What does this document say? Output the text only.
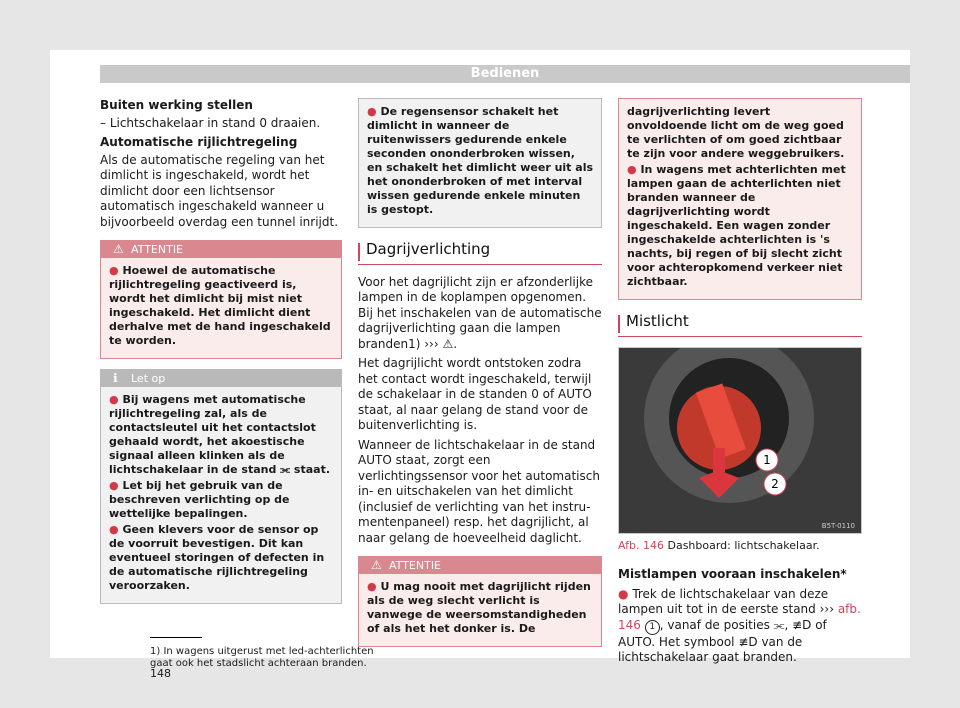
Bedienen

Buiten werking stellen

– Lichtschakelaar in stand 0 draaien.

Automatische rijlichtregeling

Als de automatische regeling van het dimlicht is ingeschakeld, wordt het dimlicht door een lichtsensor automatisch ingeschakeld wanneer u bijvoorbeeld overdag een tunnel inrijdt.

⚠ ATTENTIE
● Hoewel de automatische rijlichtregeling geactiveerd is, wordt het dimlicht bij mist niet ingeschakeld. Het dimlicht dient derhalve met de hand ingeschakeld te worden.
ℹ Let op
● Bij wagens met automatische rijlichtregeling zal, als de contactsleutel uit het contactslot gehaald wordt, het akoestische signaal alleen klinken als de lichtschakelaar in de stand ⫘ staat.
● Let bij het gebruik van de beschreven verlichting op de wettelijke bepalingen.
● Geen klevers voor de sensor op de voorruit bevestigen. Dit kan eventueel storingen of defecten in de automatische rijlichtregeling veroorzaken.
● De regensensor schakelt het dimlicht in wanneer de ruitenwissers gedurende enkele seconden ononderbroken wissen, en schakelt het dimlicht weer uit als het ononderbroken of met interval wissen gedurende enkele minuten is gestopt.
Dagrijverlichting

Voor het dagrijlicht zijn er afzonderlijke lampen in de koplampen opgenomen. Bij het inschakelen van de automatische dagrijverlichting gaan die lampen branden1) ››› ⚠.

Het dagrijlicht wordt ontstoken zodra het contact wordt ingeschakeld, terwijl de schakelaar in de standen 0 of AUTO staat, al naar gelang de stand voor de buitenverlichting is.

Wanneer de lichtschakelaar in de stand AUTO staat, zorgt een verlichtingssensor voor het automatisch in- en uitschakelen van het dimlicht (inclusief de verlichting van het instrumentenpaneel) resp. het dagrijlicht, al naar gelang de hoeveelheid daglicht.

⚠ ATTENTIE
● U mag nooit met dagrijlicht rijden als de weg slecht verlicht is vanwege de weersomstandigheden of als het het donker is. De
dagrijverlichting levert onvoldoende licht om de weg goed te verlichten of om goed zichtbaar te zijn voor andere weggebruikers.
● In wagens met achterlichten met lampen gaan de achterlichten niet branden wanneer de dagrijverlichting wordt ingeschakeld. Een wagen zonder ingeschakelde achterlichten is 's nachts, bij regen of bij slecht zicht voor achteropkomend verkeer niet zichtbaar.
Mistlicht
1
2
B5T-0110

Afb. 146 Dashboard: lichtschakelaar.

Mistlampen vooraan inschakelen*

● Trek de lichtschakelaar van deze lampen uit tot in de eerste stand ››› afb. 146 1 , vanaf de posities ⫘, ≢D of AUTO. Het symbool ≢D van de lichtschakelaar gaat branden.

1) In wagens uitgerust met led-achterlichten gaat ook het stadslicht achteraan branden.
148
